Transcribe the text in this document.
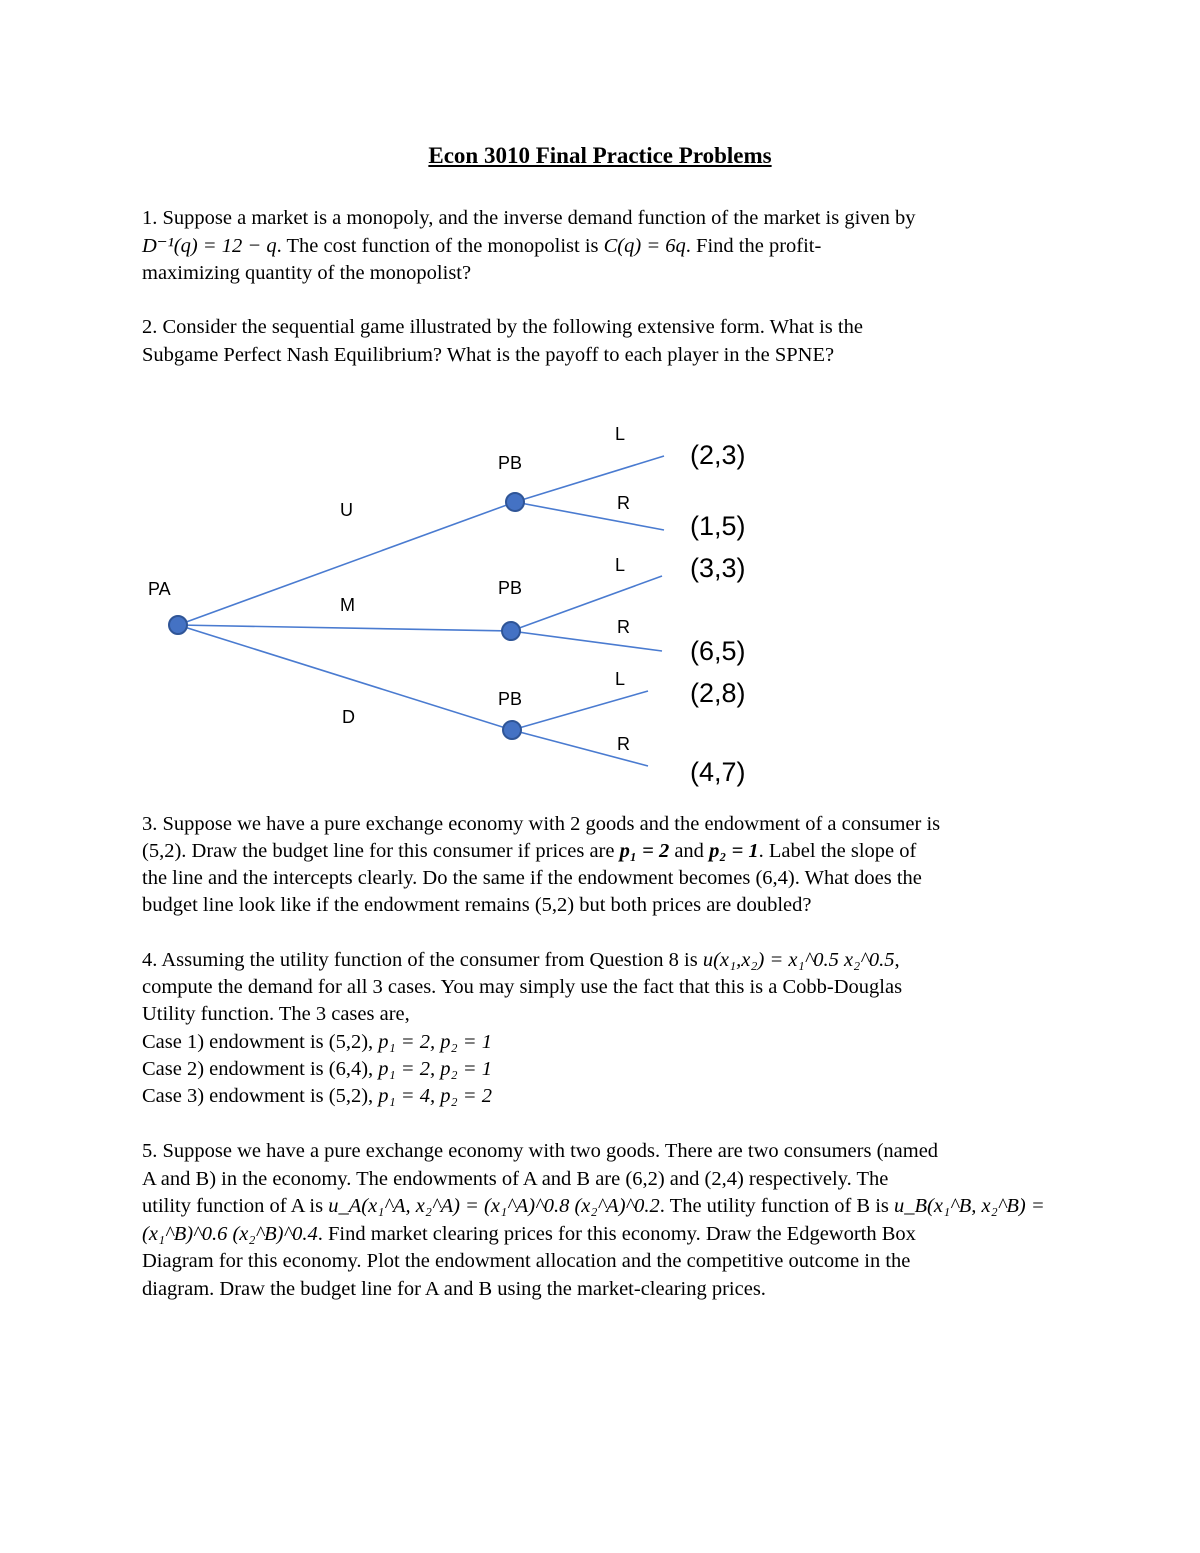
Econ 3010 Final Practice Problems
1. Suppose a market is a monopoly, and the inverse demand function of the market is given by
D⁻¹(q) = 12 − q. The cost function of the monopolist is C(q) = 6q. Find the profit-
maximizing quantity of the monopolist?
2. Consider the sequential game illustrated by the following extensive form. What is the
Subgame Perfect Nash Equilibrium? What is the payoff to each player in the SPNE?
PA
PB
PB
PB
U
M
D
L
R
L
R
L
R
(2,3)
(1,5)
(3,3)
(6,5)
(2,8)
(4,7)
3. Suppose we have a pure exchange economy with 2 goods and the endowment of a consumer is
(5,2). Draw the budget line for this consumer if prices are p₁ = 2 and p₂ = 1. Label the slope of
the line and the intercepts clearly. Do the same if the endowment becomes (6,4). What does the
budget line look like if the endowment remains (5,2) but both prices are doubled?
4. Assuming the utility function of the consumer from Question 8 is u(x₁,x₂) = x₁^0.5 x₂^0.5,
compute the demand for all 3 cases. You may simply use the fact that this is a Cobb-Douglas
Utility function. The 3 cases are,
Case 1) endowment is (5,2), p₁ = 2, p₂ = 1
Case 2) endowment is (6,4), p₁ = 2, p₂ = 1
Case 3) endowment is (5,2), p₁ = 4, p₂ = 2
5. Suppose we have a pure exchange economy with two goods. There are two consumers (named
A and B) in the economy. The endowments of A and B are (6,2) and (2,4) respectively. The
utility function of A is u_A(x₁^A, x₂^A) = (x₁^A)^0.8 (x₂^A)^0.2. The utility function of B is u_B(x₁^B, x₂^B) =
(x₁^B)^0.6 (x₂^B)^0.4. Find market clearing prices for this economy. Draw the Edgeworth Box
Diagram for this economy. Plot the endowment allocation and the competitive outcome in the
diagram. Draw the budget line for A and B using the market-clearing prices.
